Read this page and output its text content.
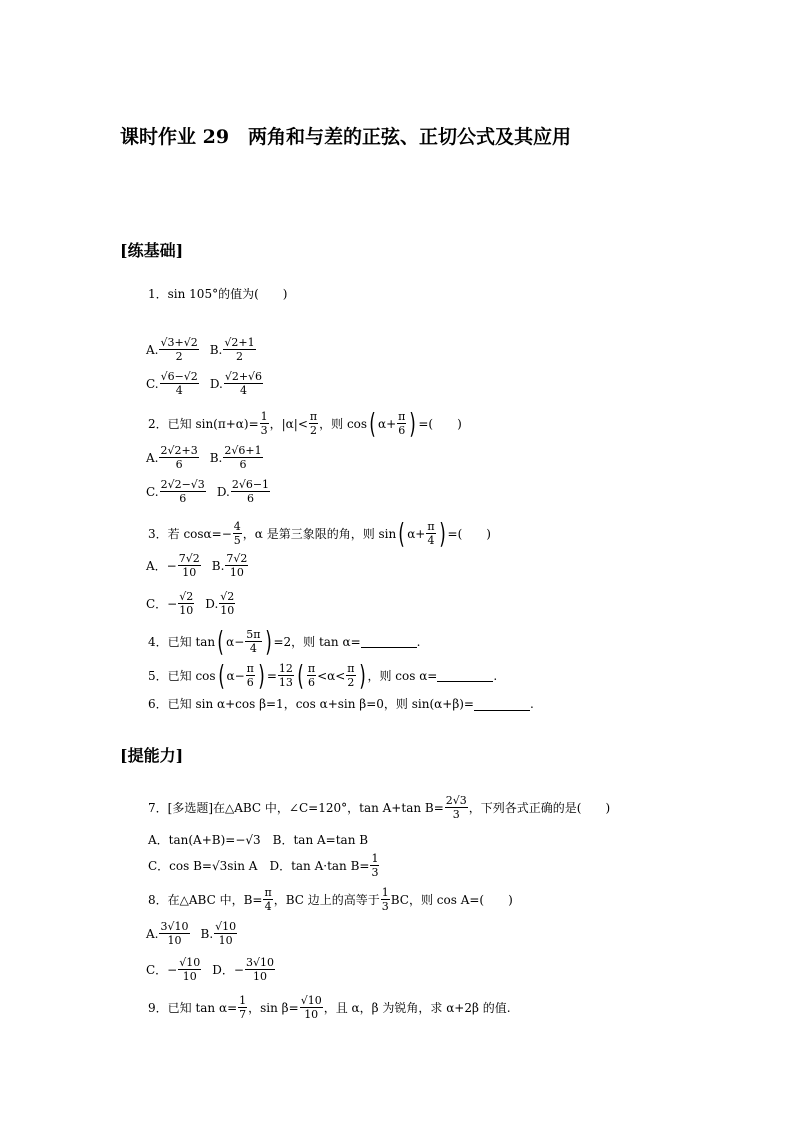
课时作业 29　两角和与差的正弦、正切公式及其应用
[练基础]
1．sin 105°的值为(　　)
A. $\frac{√3+√2}{2} B$. $\frac{√2+1}{2}$
C. $\frac{√6-√2}{4} D$. $\frac{√2+√6}{4}$
2．已知 $\sin(\pi+\alpha)= \frac{1}{3}$ ，$|\alpha|< \frac{\pi}{2}$ ，则 cos ( $\alpha+ \frac{\pi}{6}$ ) =(　　)
A. $\frac{2√2+3}{6} B$. $\frac{2√6+1}{6}$
C. $\frac{2√2-√3}{6} D$. $\frac{2√6-1}{6}$
3．若 $\cos\alpha=- \frac{4}{5}$ ，α 是第三象限的角，则 sin ( $\alpha+ \frac{\pi}{4}$ ) =(　　)
A．− $\frac{7√2}{10} B$. $\frac{7√2}{10}$
C．− $\frac{√2}{10} D$. $\frac{√2}{10}$
4．已知 tan ( $\alpha- \frac{5\pi}{4}$ ) =2，则 tan α=	.
5．已知 cos ( $\alpha- \frac{\pi}{6}$ ) = $\frac{12}{13}$ ( $\frac{\pi}{6} <\alpha< \frac{\pi}{2}$ ) ，则 cos α=	.
6．已知 sin α+cos β=1，cos α+sin β=0，则 sin(α+β)=	.
[提能力]
7．[多选题]在△ABC 中，∠C=120°，tan A+tan $B= \frac{2√3}{3}$ ，下列各式正确的是(　　)
A．tan(A+B)=−√3　B．tan A=tan B
C．cos B=√3sin A　D．tan A·tan $B= \frac{1}{3}$
8．在△ABC 中，$B= \frac{\pi}{4}$ ，BC 边上的高等于 $\frac{1}{3}$ BC，则 cos A=(　　)
A. $\frac{3√10}{10} B$. $\frac{√10}{10}$
C．− $\frac{√10}{10}$ D．− $\frac{3√10}{10}$
9．已知 $\tan \alpha= \frac{1}{7}$ ，$\sin \beta= \frac{√10}{10}$ ，且 α，β 为锐角，求 α+2β 的值.
